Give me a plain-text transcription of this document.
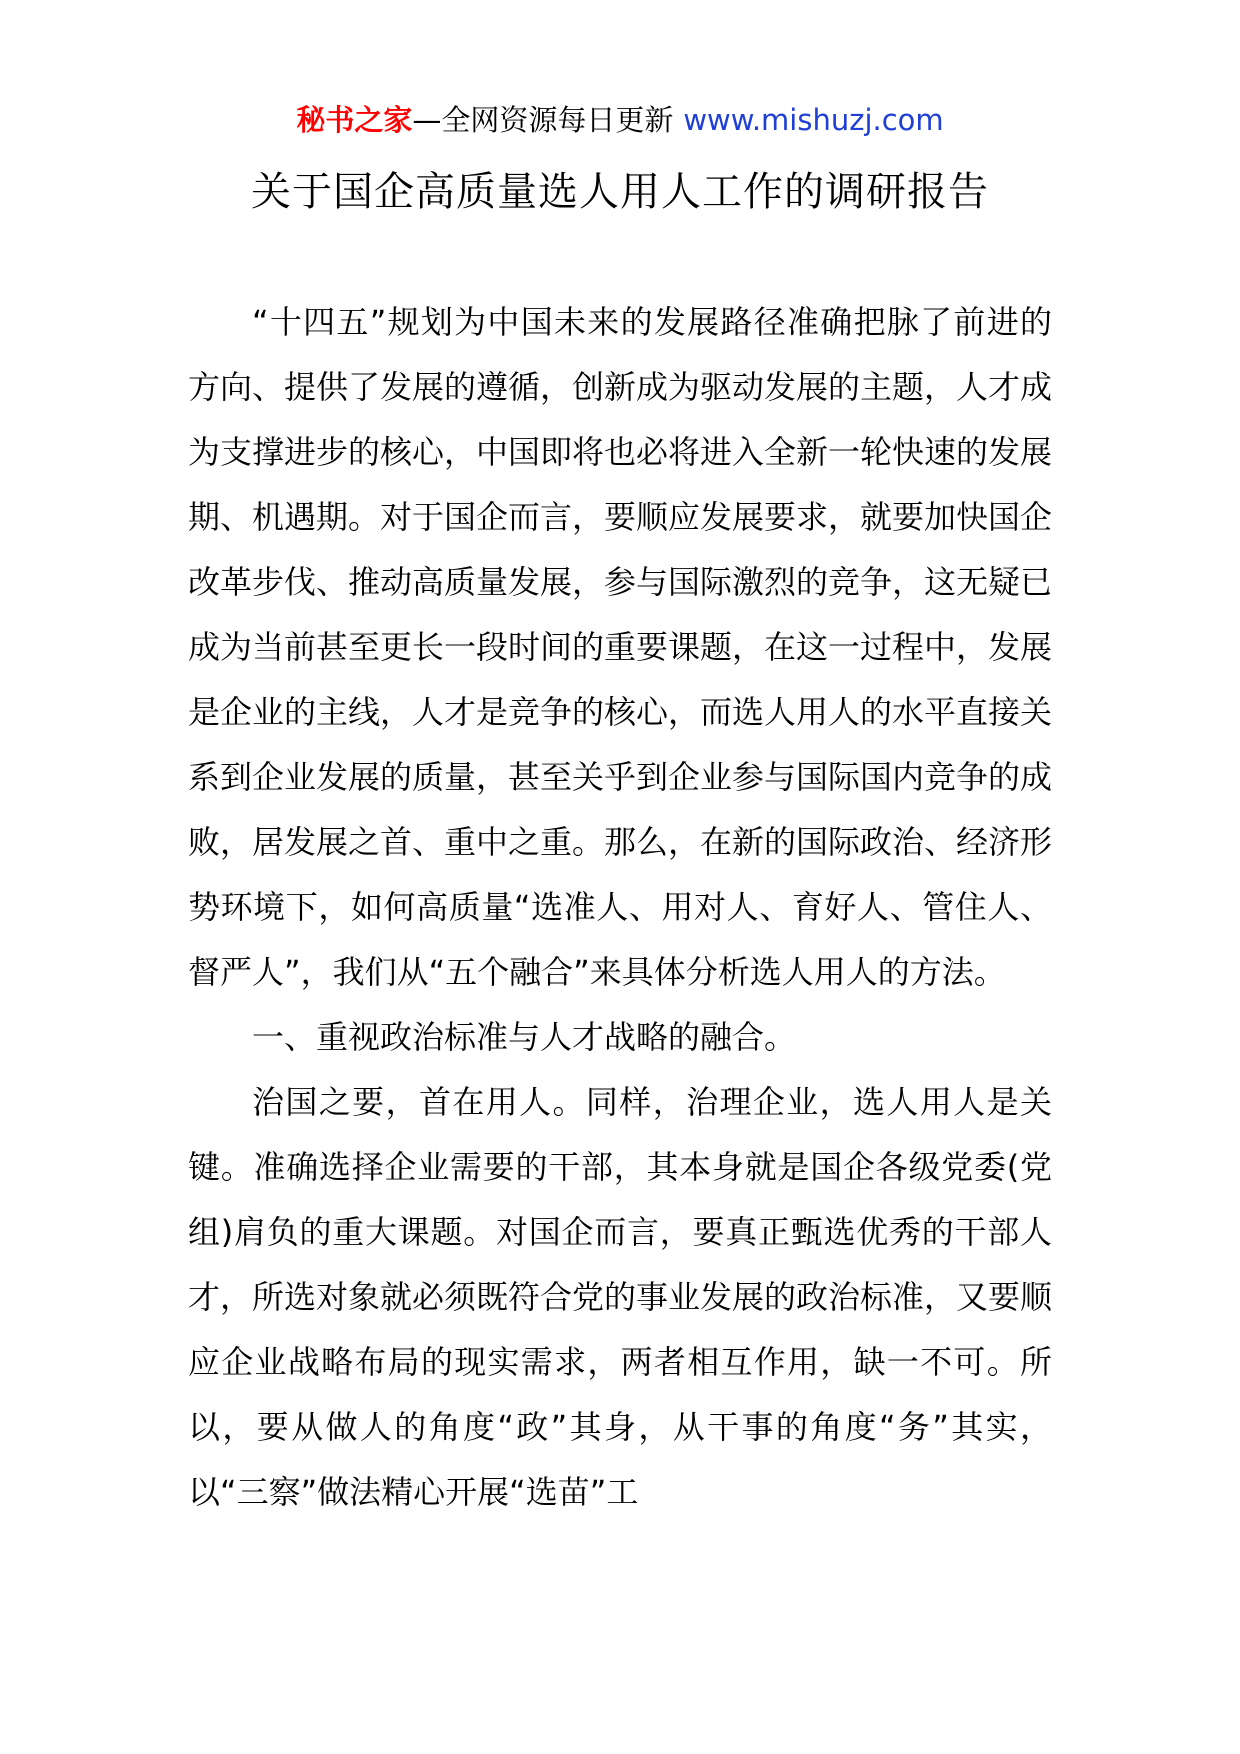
秘书之家—全网资源每日更新 www.mishuzj.com
关于国企高质量选人用人工作的调研报告

“十四五”规划为中国未来的发展路径准确把脉了前进的方向、提供了发展的遵循，创新成为驱动发展的主题，人才成为支撑进步的核心，中国即将也必将进入全新一轮快速的发展期、机遇期。对于国企而言，要顺应发展要求，就要加快国企改革步伐、推动高质量发展，参与国际激烈的竞争，这无疑已成为当前甚至更长一段时间的重要课题，在这一过程中，发展是企业的主线，人才是竞争的核心，而选人用人的水平直接关系到企业发展的质量，甚至关乎到企业参与国际国内竞争的成败，居发展之首、重中之重。那么，在新的国际政治、经济形势环境下，如何高质量“选准人、用对人、育好人、管住人、督严人”，我们从“五个融合”来具体分析选人用人的方法。

一、重视政治标准与人才战略的融合。

治国之要，首在用人。同样，治理企业，选人用人是关键。准确选择企业需要的干部，其本身就是国企各级党委(党组)肩负的重大课题。对国企而言，要真正甄选优秀的干部人才，所选对象就必须既符合党的事业发展的政治标准，又要顺应企业战略布局的现实需求，两者相互作用，缺一不可。所以，要从做人的角度“政”其身，从干事的角度“务”其实，以“三察”做法精心开展“选苗”工
